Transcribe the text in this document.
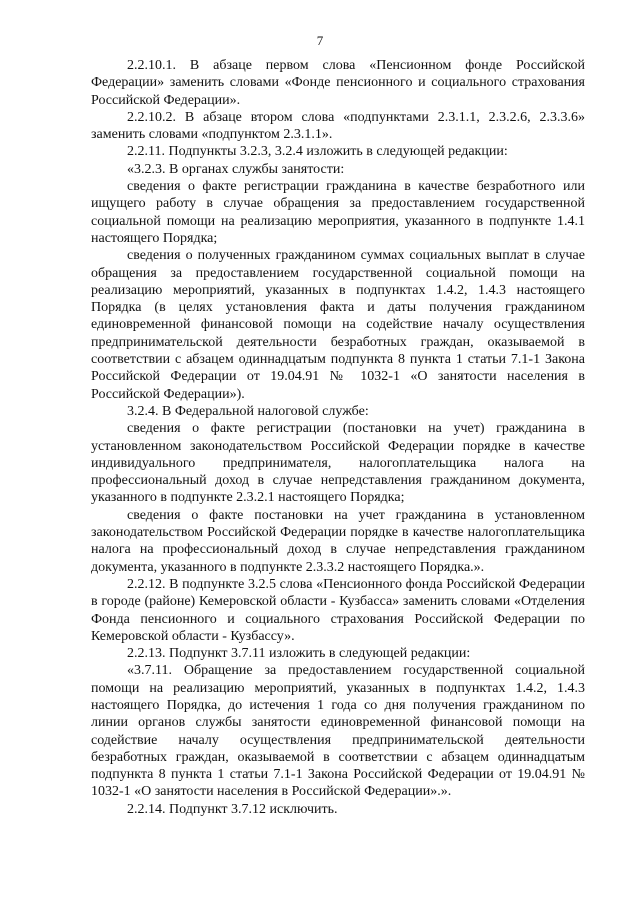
7

2.2.10.1. В абзаце первом слова «Пенсионном фонде Российской Федерации» заменить словами «Фонде пенсионного и социального страхования Российской Федерации».

2.2.10.2. В абзаце втором слова «подпунктами 2.3.1.1, 2.3.2.6, 2.3.3.6» заменить словами «подпунктом 2.3.1.1».

2.2.11. Подпункты 3.2.3, 3.2.4 изложить в следующей редакции:

«3.2.3. В органах службы занятости:

сведения о факте регистрации гражданина в качестве безработного или ищущего работу в случае обращения за предоставлением государственной социальной помощи на реализацию мероприятия, указанного в подпункте 1.4.1 настоящего Порядка;

сведения о полученных гражданином суммах социальных выплат в случае обращения за предоставлением государственной социальной помощи на реализацию мероприятий, указанных в подпунктах 1.4.2, 1.4.3 настоящего Порядка (в целях установления факта и даты получения гражданином единовременной финансовой помощи на содействие началу осуществления предпринимательской деятельности безработных граждан, оказываемой в соответствии с абзацем одиннадцатым подпункта 8 пункта 1 статьи 7.1-1 Закона Российской Федерации от 19.04.91 № 1032-1 «О занятости населения в Российской Федерации»).

3.2.4. В Федеральной налоговой службе:

сведения о факте регистрации (постановки на учет) гражданина в установленном законодательством Российской Федерации порядке в качестве индивидуального предпринимателя, налогоплательщика налога на профессиональный доход в случае непредставления гражданином документа, указанного в подпункте 2.3.2.1 настоящего Порядка;

сведения о факте постановки на учет гражданина в установленном законодательством Российской Федерации порядке в качестве налогоплательщика налога на профессиональный доход в случае непредставления гражданином документа, указанного в подпункте 2.3.3.2 настоящего Порядка.».

2.2.12. В подпункте 3.2.5 слова «Пенсионного фонда Российской Федерации в городе (районе) Кемеровской области - Кузбасса» заменить словами «Отделения Фонда пенсионного и социального страхования Российской Федерации по Кемеровской области - Кузбассу».

2.2.13. Подпункт 3.7.11 изложить в следующей редакции:

«3.7.11. Обращение за предоставлением государственной социальной помощи на реализацию мероприятий, указанных в подпунктах 1.4.2, 1.4.3 настоящего Порядка, до истечения 1 года со дня получения гражданином по линии органов службы занятости единовременной финансовой помощи на содействие началу осуществления предпринимательской деятельности безработных граждан, оказываемой в соответствии с абзацем одиннадцатым подпункта 8 пункта 1 статьи 7.1-1 Закона Российской Федерации от 19.04.91 № 1032-1 «О занятости населения в Российской Федерации».».

2.2.14. Подпункт 3.7.12 исключить.
